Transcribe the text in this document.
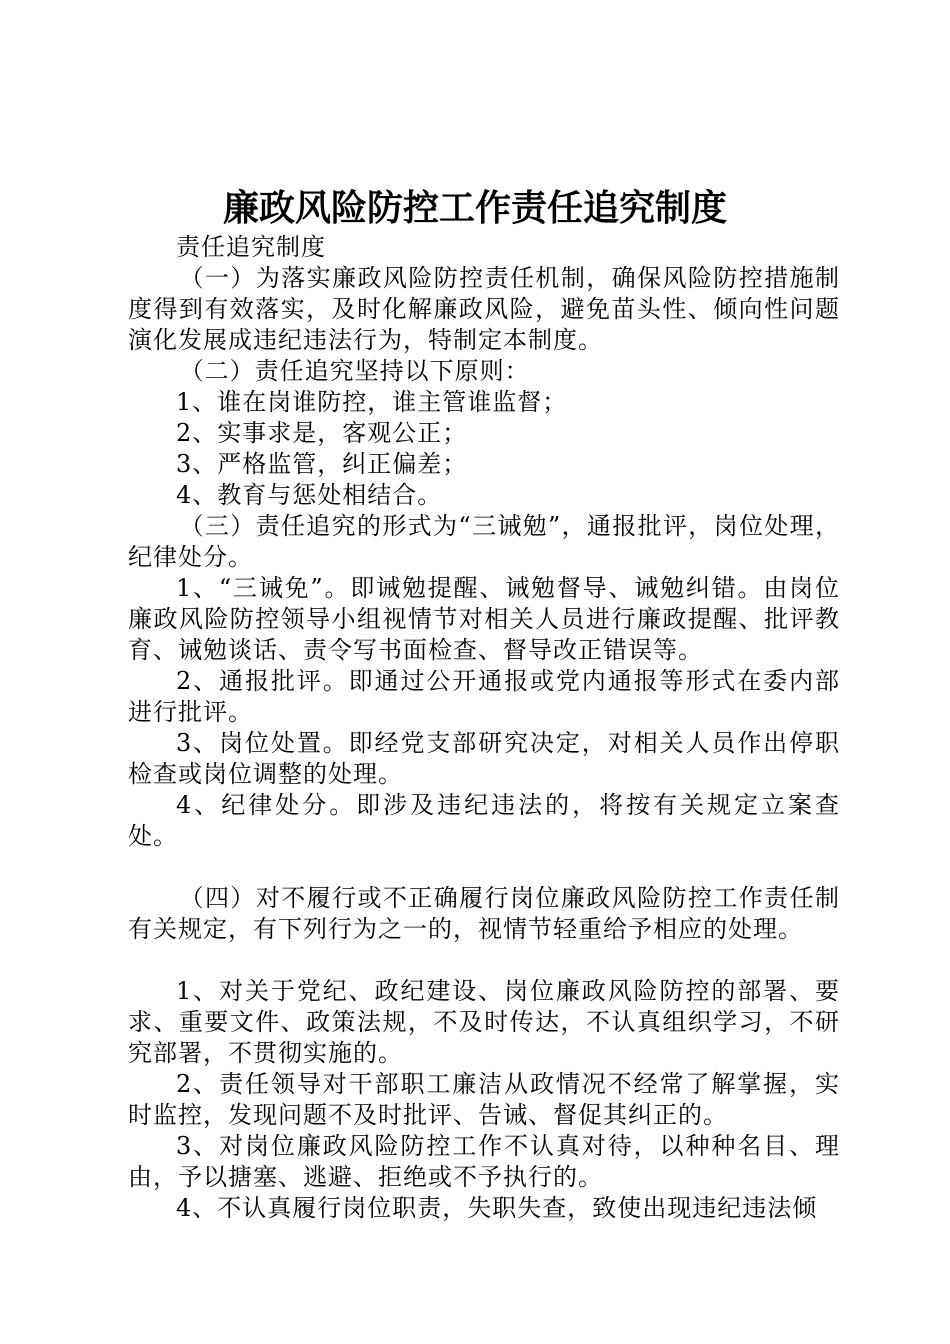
廉政风险防控工作责任追究制度

责任追究制度

（一）为落实廉政风险防控责任机制，确保风险防控措施制度得到有效落实，及时化解廉政风险，避免苗头性、倾向性问题演化发展成违纪违法行为，特制定本制度。

（二）责任追究坚持以下原则：

1、谁在岗谁防控，谁主管谁监督；

2、实事求是，客观公正；

3、严格监管，纠正偏差；

4、教育与惩处相结合。

（三）责任追究的形式为“三诫勉”，通报批评，岗位处理，纪律处分。

1、“三诫免”。即诫勉提醒、诫勉督导、诫勉纠错。由岗位廉政风险防控领导小组视情节对相关人员进行廉政提醒、批评教育、诫勉谈话、责令写书面检查、督导改正错误等。

2、通报批评。即通过公开通报或党内通报等形式在委内部进行批评。

3、岗位处置。即经党支部研究决定，对相关人员作出停职检查或岗位调整的处理。

4、纪律处分。即涉及违纪违法的，将按有关规定立案查处。

（四）对不履行或不正确履行岗位廉政风险防控工作责任制有关规定，有下列行为之一的，视情节轻重给予相应的处理。

1、对关于党纪、政纪建设、岗位廉政风险防控的部署、要求、重要文件、政策法规，不及时传达，不认真组织学习，不研究部署，不贯彻实施的。

2、责任领导对干部职工廉洁从政情况不经常了解掌握，实时监控，发现问题不及时批评、告诫、督促其纠正的。

3、对岗位廉政风险防控工作不认真对待，以种种名目、理由，予以搪塞、逃避、拒绝或不予执行的。

4、不认真履行岗位职责，失职失查，致使出现违纪违法倾
